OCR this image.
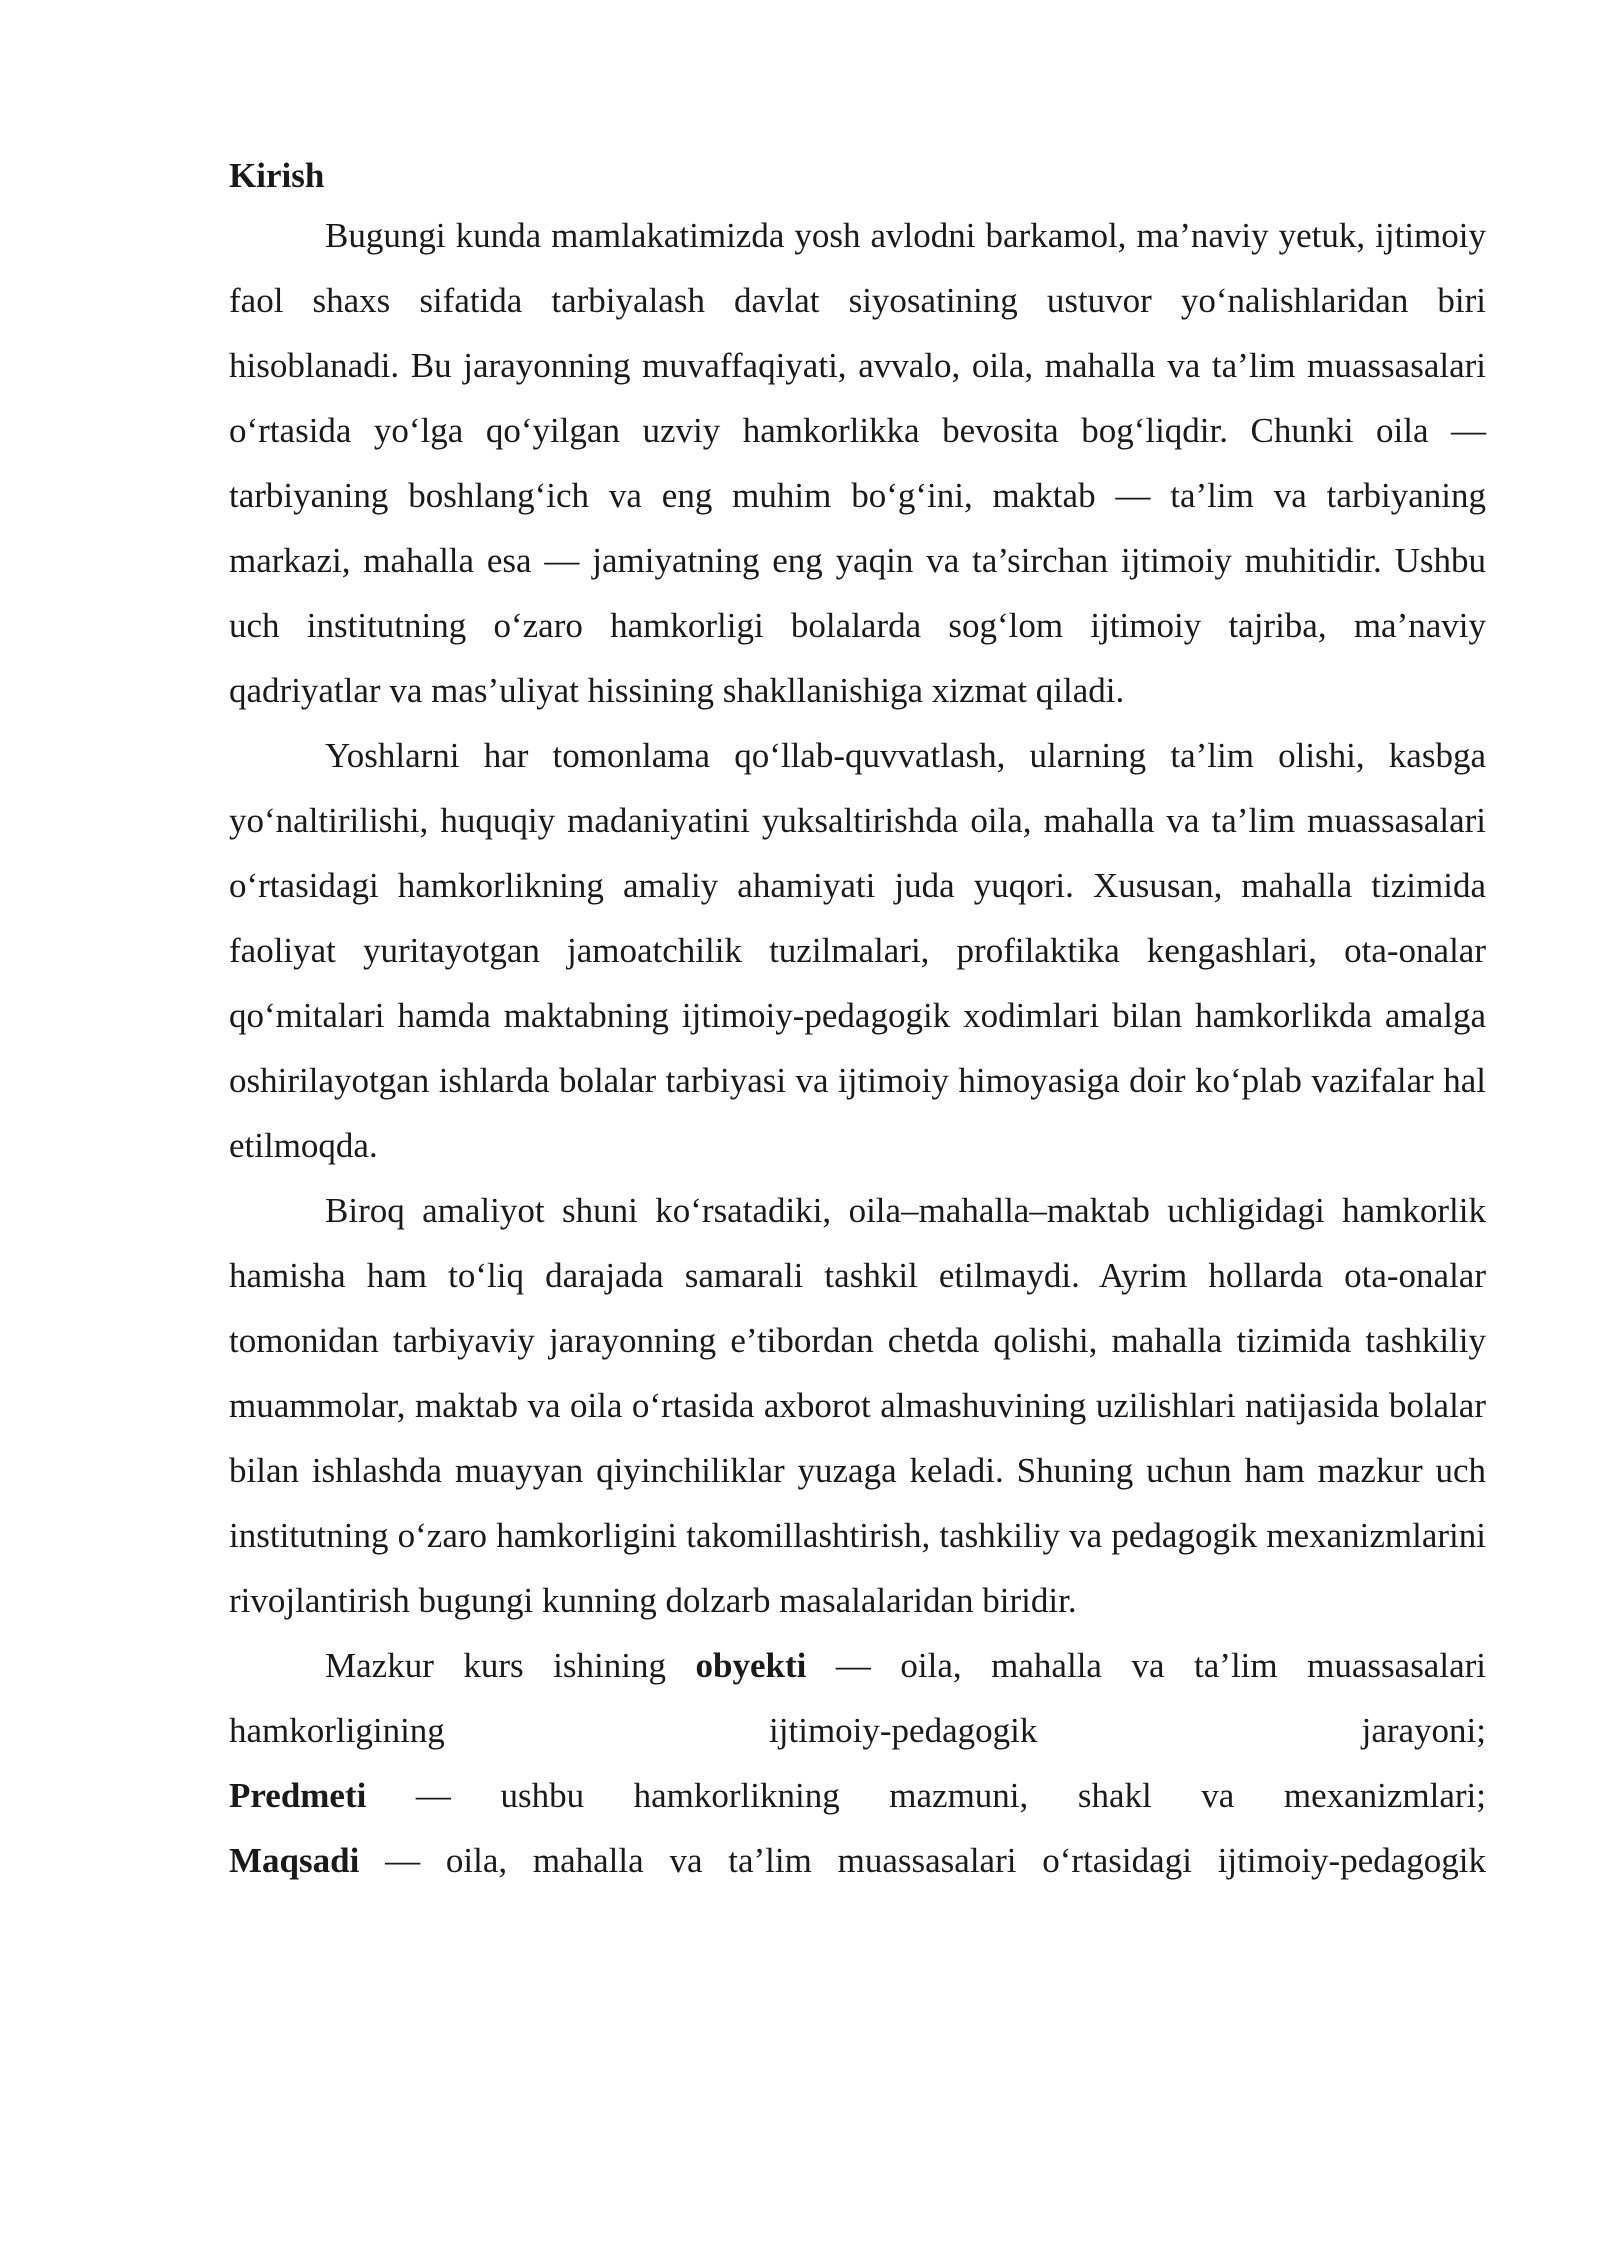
Kirish

Bugungi kunda mamlakatimizda yosh avlodni barkamol, ma’naviy yetuk, ijtimoiy faol shaxs sifatida tarbiyalash davlat siyosatining ustuvor yo‘nalishlaridan biri hisoblanadi. Bu jarayonning muvaffaqiyati, avvalo, oila, mahalla va ta’lim muassasalari o‘rtasida yo‘lga qo‘yilgan uzviy hamkorlikka bevosita bog‘liqdir. Chunki oila — tarbiyaning boshlang‘ich va eng muhim bo‘g‘ini, maktab — ta’lim va tarbiyaning markazi, mahalla esa — jamiyatning eng yaqin va ta’sirchan ijtimoiy muhitidir. Ushbu uch institutning o‘zaro hamkorligi bolalarda sog‘lom ijtimoiy tajriba, ma’naviy qadriyatlar va mas’uliyat hissining shakllanishiga xizmat qiladi.

Yoshlarni har tomonlama qo‘llab-quvvatlash, ularning ta’lim olishi, kasbga yo‘naltirilishi, huquqiy madaniyatini yuksaltirishda oila, mahalla va ta’lim muassasalari o‘rtasidagi hamkorlikning amaliy ahamiyati juda yuqori. Xususan, mahalla tizimida faoliyat yuritayotgan jamoatchilik tuzilmalari, profilaktika kengashlari, ota-onalar qo‘mitalari hamda maktabning ijtimoiy-pedagogik xodimlari bilan hamkorlikda amalga oshirilayotgan ishlarda bolalar tarbiyasi va ijtimoiy himoyasiga doir ko‘plab vazifalar hal etilmoqda.

Biroq amaliyot shuni ko‘rsatadiki, oila–mahalla–maktab uchligidagi hamkorlik hamisha ham to‘liq darajada samarali tashkil etilmaydi. Ayrim hollarda ota-onalar tomonidan tarbiyaviy jarayonning e’tibordan chetda qolishi, mahalla tizimida tashkiliy muammolar, maktab va oila o‘rtasida axborot almashuvining uzilishlari natijasida bolalar bilan ishlashda muayyan qiyinchiliklar yuzaga keladi. Shuning uchun ham mazkur uch institutning o‘zaro hamkorligini takomillashtirish, tashkiliy va pedagogik mexanizmlarini rivojlantirish bugungi kunning dolzarb masalalaridan biridir.

Mazkur kurs ishining obyekti — oila, mahalla va ta’lim muassasalari
hamkorligining ijtimoiy-pedagogik jarayoni;
Predmeti — ushbu hamkorlikning mazmuni, shakl va mexanizmlari;
Maqsadi — oila, mahalla va ta’lim muassasalari o‘rtasidagi ijtimoiy-pedagogik
